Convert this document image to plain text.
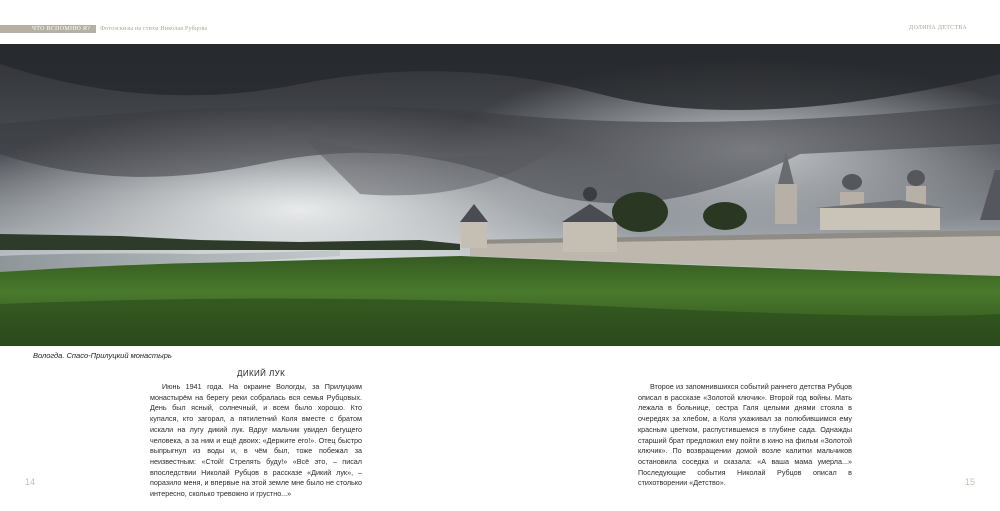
ЧТО ВСПОМНЮ Я?	Фотоэскизы на стихи Николая Рубцова	ДОЛИНА ДЕТСТВА
Вологда. Спасо-Прилуцкий монастырь
ДИКИЙ ЛУК

Июнь 1941 года. На окраине Вологды, за Прилуцким монастырём на берегу реки собралась вся семья Рубцовых. День был ясный, солнечный, и всем было хорошо. Кто купался, кто загорал, а пятилетний Коля вместе с братом искали на лугу дикий лук. Вдруг мальчик увидел бегущего человека, а за ним и ещё двоих: «Держите его!». Отец быстро выпрыгнул из воды и, в чём был, тоже побежал за неизвестным: «Стой! Стрелять буду!» «Всё это, – писал впоследствии Николай Рубцов в рассказе «Дикий лук», – поразило меня, и впервые на этой земле мне было не столько интересно, сколько тревожно и грустно...»

Второе из запомнившихся событий раннего детства Рубцов описал в рассказе «Золотой ключик». Второй год войны. Мать лежала в больнице, сестра Галя целыми днями стояла в очередях за хлебом, а Коля ухаживал за полюбившимся ему красным цветком, распустившемся в глубине сада. Однажды старший брат предложил ему пойти в кино на фильм «Золотой ключик». По возвращении домой возле калитки мальчиков остановила соседка и сказала: «А ваша мама умерла...» Последующие события Николай Рубцов описал в стихотворении «Детство».

14	15
